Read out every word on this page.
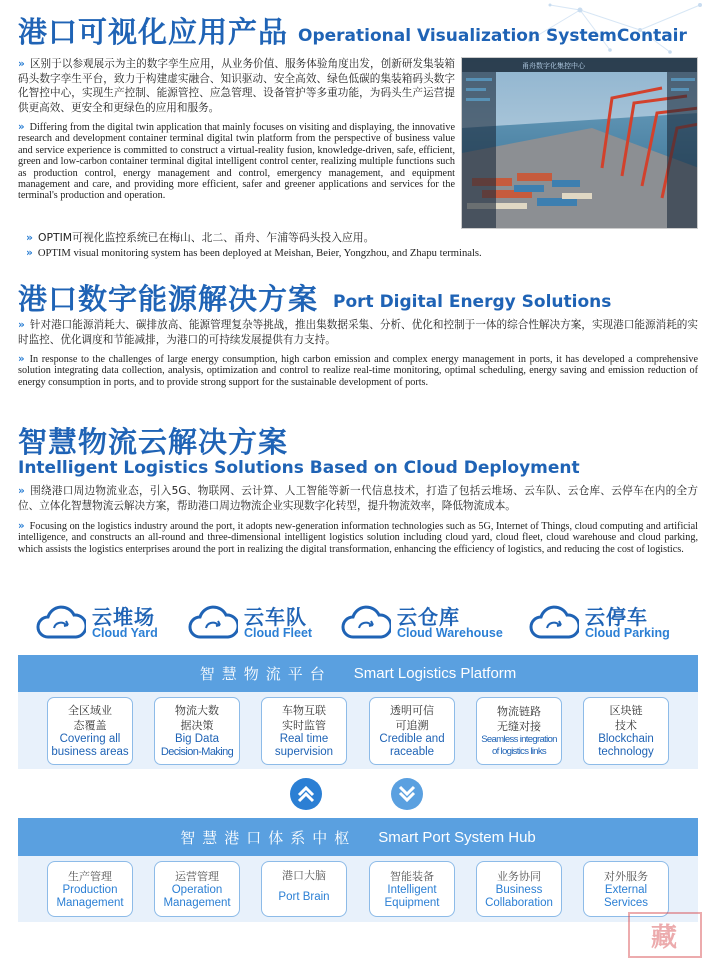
港口可视化应用产品 Operational Visualization SystemContair
» 区别于以参观展示为主的数字孪生应用，从业务价值、服务体验角度出发，创新研发集装箱码头数字孪生平台，致力于构建虚实融合、知识驱动、安全高效、绿色低碳的集装箱码头数字化智控中心，实现生产控制、能源管控、应急管理、设备管护等多重功能，为码头生产运营提供更高效、更安全和更绿色的应用和服务。
» Differing from the digital twin application that mainly focuses on visiting and displaying, the innovative research and development container terminal digital twin platform from the perspective of business value and service experience is committed to construct a virtual-reality fusion, knowledge-driven, safe, efficient, green and low-carbon container terminal digital intelligent control center, realizing multiple functions such as production control, energy management and control, emergency management, and equipment management and care, and providing more efficient, safer and greener applications and services for the terminal's production and operation.
甬舟数字化集控中心
» OPTIM可视化监控系统已在梅山、北二、甬舟、乍浦等码头投入应用。
» OPTIM visual monitoring system has been deployed at Meishan, Beier, Yongzhou, and Zhapu terminals.
港口数字能源解决方案 Port Digital Energy Solutions
» 针对港口能源消耗大、碳排放高、能源管理复杂等挑战，推出集数据采集、分析、优化和控制于一体的综合性解决方案，实现港口能源消耗的实时监控、优化调度和节能减排，为港口的可持续发展提供有力支持。
» In response to the challenges of large energy consumption, high carbon emission and complex energy management in ports, it has developed a comprehensive solution integrating data collection, analysis, optimization and control to realize real-time monitoring, optimal scheduling, energy saving and emission reduction of energy consumption in ports, and to provide strong support for the sustainable development of ports.
智慧物流云解决方案
Intelligent Logistics Solutions Based on Cloud Deployment
» 围绕港口周边物流业态，引入5G、物联网、云计算、人工智能等新一代信息技术，打造了包括云堆场、云车队、云仓库、云停车在内的全方位、立体化智慧物流云解决方案，帮助港口周边物流企业实现数字化转型，提升物流效率，降低物流成本。
» Focusing on the logistics industry around the port, it adopts new-generation information technologies such as 5G, Internet of Things, cloud computing and artificial intelligence, and constructs an all-round and three-dimensional intelligent logistics solution including cloud yard, cloud fleet, cloud warehouse and cloud parking, which assists the logistics enterprises around the port in realizing the digital transformation, enhancing the efficiency of logistics, and reducing the cost of logistics.
云堆场
Cloud Yard
云车队
Cloud Fleet
云仓库
Cloud Warehouse
云停车
Cloud Parking
智慧物流平台 Smart Logistics Platform
全区域业
态覆盖
Covering all
business areas
物流大数
据决策
Big Data
Decision-Making
车物互联
实时监管
Real time
supervision
透明可信
可追溯
Credible and
raceable
物流链路
无缝对接
Seamless integration
of logistics links
区块链
技术
Blockchain
technology
智慧港口体系中枢 Smart Port System Hub
生产管理
Production
Management
运营管理
Operation
Management
港口大脑
Port Brain
智能装备
Intelligent
Equipment
业务协同
Business
Collaboration
对外服务
External
Services
藏
